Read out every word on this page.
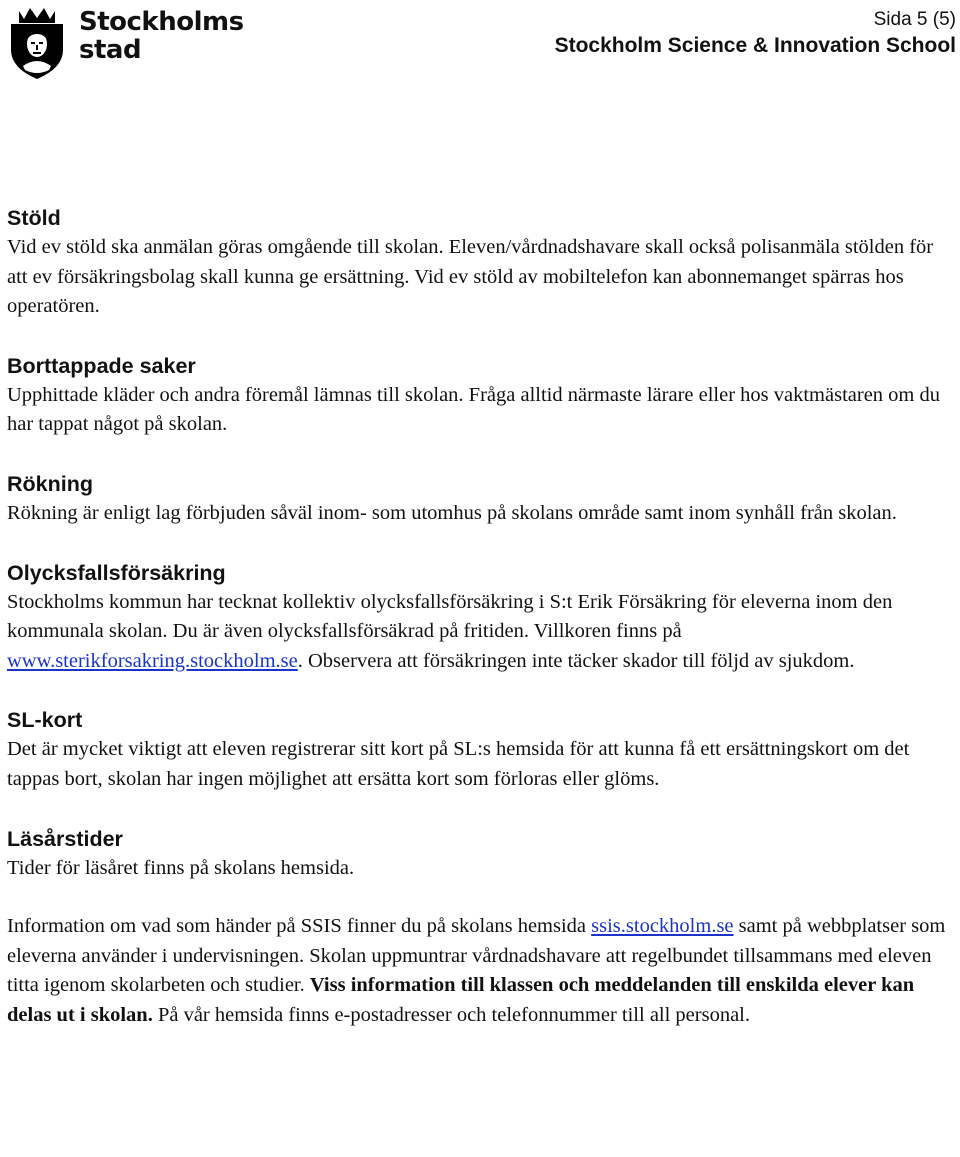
Stockholms
stad
Sida 5 (5)
Stockholm Science & Innovation School
Stöld

Vid ev stöld ska anmälan göras omgående till skolan. Eleven/vårdnadshavare skall också polisanmäla stölden för att ev försäkringsbolag skall kunna ge ersättning. Vid ev stöld av mobiltelefon kan abonnemanget spärras hos operatören.

Borttappade saker

Upphittade kläder och andra föremål lämnas till skolan. Fråga alltid närmaste lärare eller hos vaktmästaren om du har tappat något på skolan.

Rökning

Rökning är enligt lag förbjuden såväl inom- som utomhus på skolans område samt inom synhåll från skolan.

Olycksfallsförsäkring

Stockholms kommun har tecknat kollektiv olycksfallsförsäkring i S:t Erik Försäkring för eleverna inom den kommunala skolan. Du är även olycksfallsförsäkrad på fritiden. Villkoren finns på www.sterikforsakring.stockholm.se. Observera att försäkringen inte täcker skador till följd av sjukdom.

SL-kort

Det är mycket viktigt att eleven registrerar sitt kort på SL:s hemsida för att kunna få ett ersättningskort om det tappas bort, skolan har ingen möjlighet att ersätta kort som förloras eller glöms.

Läsårstider

Tider för läsåret finns på skolans hemsida.

Information om vad som händer på SSIS finner du på skolans hemsida ssis.stockholm.se samt på webbplatser som eleverna använder i undervisningen. Skolan uppmuntrar vårdnadshavare att regelbundet tillsammans med eleven titta igenom skolarbeten och studier. Viss information till klassen och meddelanden till enskilda elever kan delas ut i skolan. På vår hemsida finns e-postadresser och telefonnummer till all personal.
